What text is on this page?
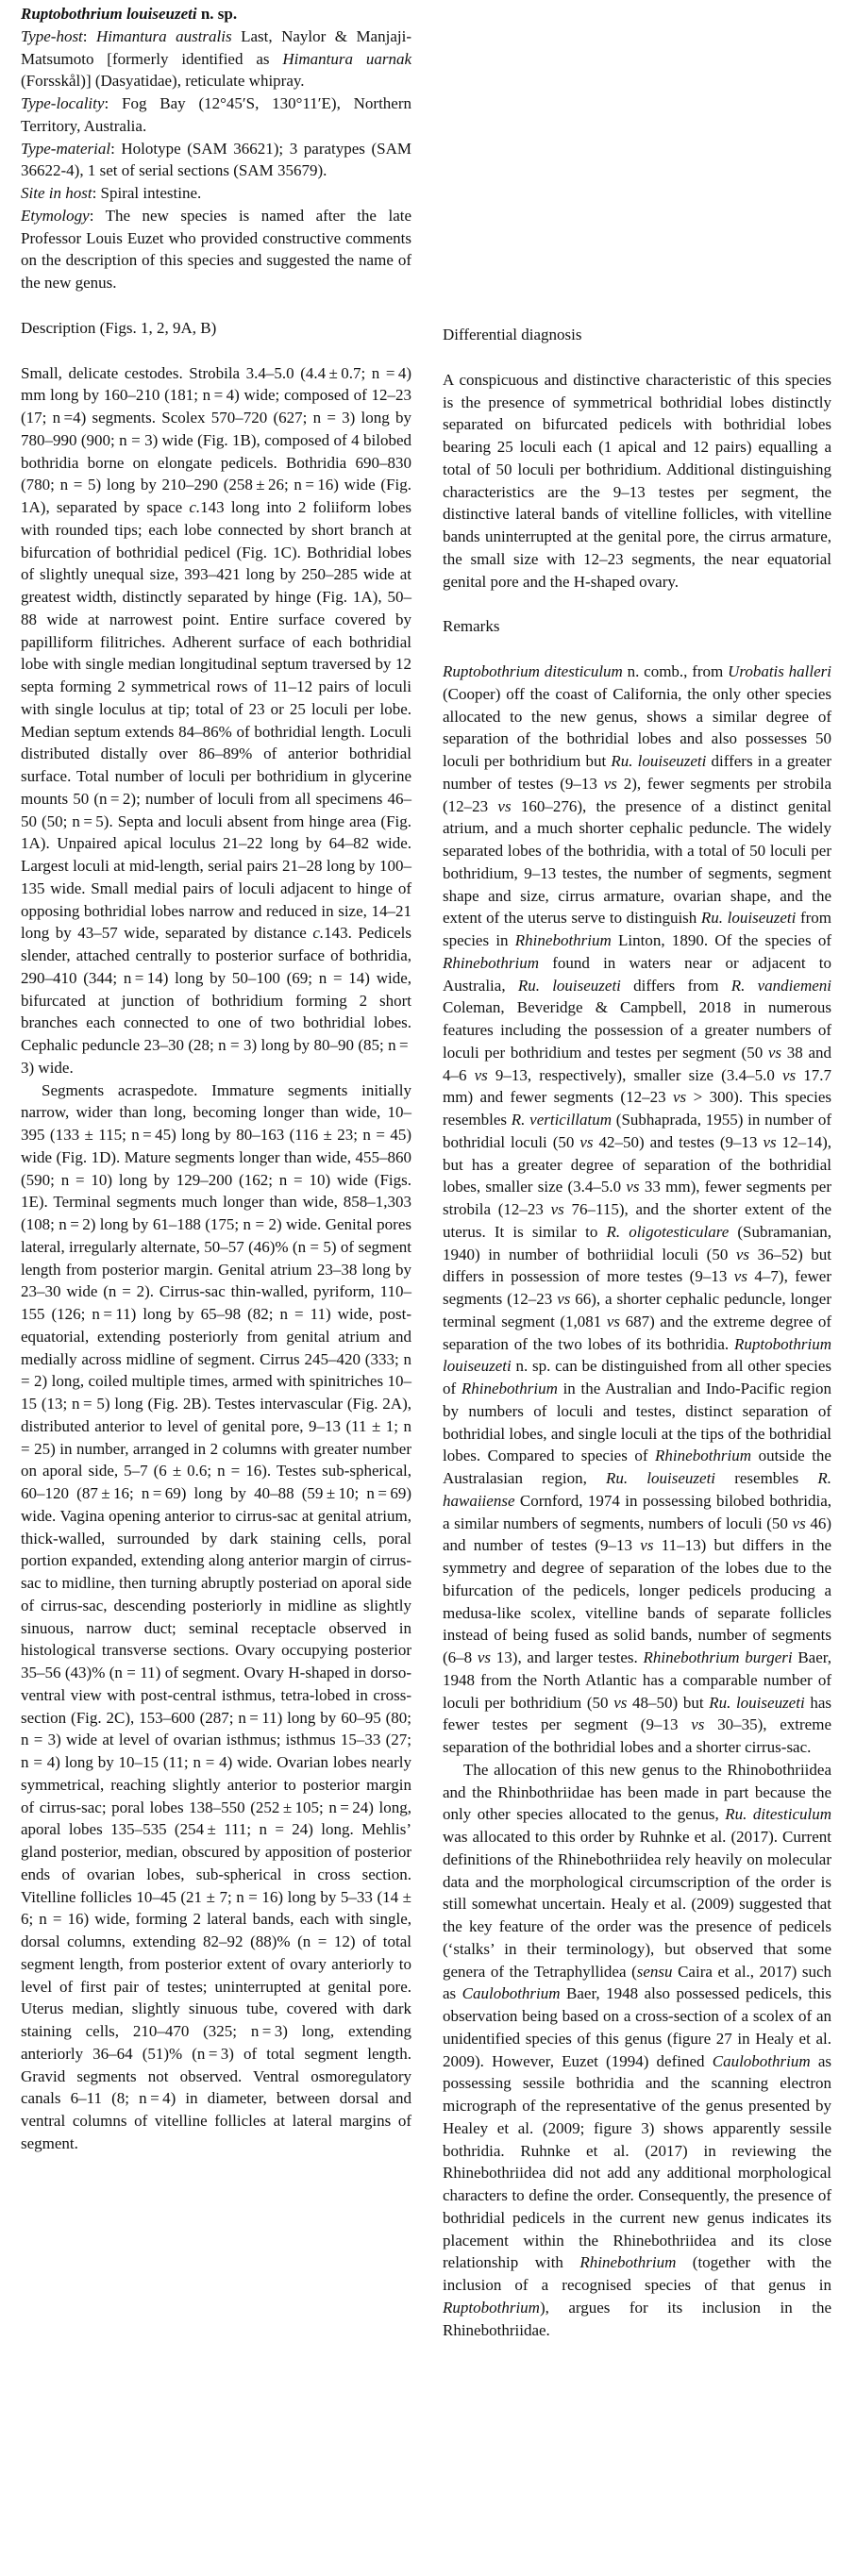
Ruptobothrium louiseuzeti n. sp.

Type-host: Himantura australis Last, Naylor & Manjaji-Matsumoto [formerly identified as Himantura uarnak (Forsskål)] (Dasyatidae), reticulate whipray.

Type-locality: Fog Bay (12°45′S, 130°11′E), Northern Territory, Australia.

Type-material: Holotype (SAM 36621); 3 paratypes (SAM 36622-4), 1 set of serial sections (SAM 35679).

Site in host: Spiral intestine.

Etymology: The new species is named after the late Professor Louis Euzet who provided constructive comments on the description of this species and suggested the name of the new genus.

Description (Figs. 1, 2, 9A, B)

Small, delicate cestodes. Strobila 3.4–5.0 (4.4 ± 0.7; n = 4) mm long by 160–210 (181; n = 4) wide; composed of 12–23 (17; n =4) segments. Scolex 570–720 (627; n = 3) long by 780–990 (900; n = 3) wide (Fig. 1B), composed of 4 bilobed bothridia borne on elongate pedicels. Bothridia 690–830 (780; n = 5) long by 210–290 (258 ± 26; n = 16) wide (Fig. 1A), separated by space c.143 long into 2 foliiform lobes with rounded tips; each lobe connected by short branch at bifurcation of bothridial pedicel (Fig. 1C). Bothridial lobes of slightly unequal size, 393–421 long by 250–285 wide at greatest width, distinctly separated by hinge (Fig. 1A), 50–88 wide at narrowest point. Entire surface covered by papilliform filitriches. Adherent surface of each bothridial lobe with single median longitudinal septum traversed by 12 septa forming 2 symmetrical rows of 11–12 pairs of loculi with single loculus at tip; total of 23 or 25 loculi per lobe. Median septum extends 84–86% of bothridial length. Loculi distributed distally over 86–89% of anterior bothridial surface. Total number of loculi per bothridium in glycerine mounts 50 (n = 2); number of loculi from all specimens 46–50 (50; n = 5). Septa and loculi absent from hinge area (Fig. 1A). Unpaired apical loculus 21–22 long by 64–82 wide. Largest loculi at mid-length, serial pairs 21–28 long by 100–135 wide. Small medial pairs of loculi adjacent to hinge of opposing bothridial lobes narrow and reduced in size, 14–21 long by 43–57 wide, separated by distance c.143. Pedicels slender, attached centrally to posterior surface of bothridia, 290–410 (344; n = 14) long by 50–100 (69; n = 14) wide, bifurcated at junction of bothridium forming 2 short branches each connected to one of two bothridial lobes. Cephalic peduncle 23–30 (28; n = 3) long by 80–90 (85; n = 3) wide.

Segments acraspedote. Immature segments initially narrow, wider than long, becoming longer than wide, 10–395 (133 ± 115; n = 45) long by 80–163 (116 ± 23; n = 45) wide (Fig. 1D). Mature segments longer than wide, 455–860 (590; n = 10) long by 129–200 (162; n = 10) wide (Figs. 1E). Terminal segments much longer than wide, 858–1,303 (108; n = 2) long by 61–188 (175; n = 2) wide. Genital pores lateral, irregularly alternate, 50–57 (46)% (n = 5) of segment length from posterior margin. Genital atrium 23–38 long by 23–30 wide (n = 2). Cirrus-sac thin-walled, pyriform, 110–155 (126; n = 11) long by 65–98 (82; n = 11) wide, post-equatorial, extending posteriorly from genital atrium and medially across midline of segment. Cirrus 245–420 (333; n = 2) long, coiled multiple times, armed with spinitriches 10–15 (13; n = 5) long (Fig. 2B). Testes intervascular (Fig. 2A), distributed anterior to level of genital pore, 9–13 (11 ± 1; n = 25) in number, arranged in 2 columns with greater number on aporal side, 5–7 (6 ± 0.6; n = 16). Testes sub-spherical, 60–120 (87 ± 16; n = 69) long by 40–88 (59 ± 10; n = 69) wide. Vagina opening anterior to cirrus-sac at genital atrium, thick-walled, surrounded by dark staining cells, poral portion expanded, extending along anterior margin of cirrus-sac to midline, then turning abruptly posteriad on aporal side of cirrus-sac, descending posteriorly in midline as slightly sinuous, narrow duct; seminal receptacle observed in histological transverse sections. Ovary occupying posterior 35–56 (43)% (n = 11) of segment. Ovary H-shaped in dorso-ventral view with post-central isthmus, tetra-lobed in cross-section (Fig. 2C), 153–600 (287; n = 11) long by 60–95 (80; n = 3) wide at level of ovarian isthmus; isthmus 15–33 (27; n = 4) long by 10–15 (11; n = 4) wide. Ovarian lobes nearly symmetrical, reaching slightly anterior to posterior margin of cirrus-sac; poral lobes 138–550 (252 ± 105; n = 24) long, aporal lobes 135–535 (254 ± 111; n = 24) long. Mehlis’ gland posterior, median, obscured by apposition of posterior ends of ovarian lobes, sub-spherical in cross section. Vitelline follicles 10–45 (21 ± 7; n = 16) long by 5–33 (14 ± 6; n = 16) wide, forming 2 lateral bands, each with single, dorsal columns, extending 82–92 (88)% (n = 12) of total segment length, from posterior extent of ovary anteriorly to level of first pair of testes; uninterrupted at genital pore. Uterus median, slightly sinuous tube, covered with dark staining cells, 210–470 (325; n = 3) long, extending anteriorly 36–64 (51)% (n = 3) of total segment length. Gravid segments not observed. Ventral osmoregulatory canals 6–11 (8; n = 4) in diameter, between dorsal and ventral columns of vitelline follicles at lateral margins of segment.

Differential diagnosis

A conspicuous and distinctive characteristic of this species is the presence of symmetrical bothridial lobes distinctly separated on bifurcated pedicels with bothridial lobes bearing 25 loculi each (1 apical and 12 pairs) equalling a total of 50 loculi per bothridium. Additional distinguishing characteristics are the 9–13 testes per segment, the distinctive lateral bands of vitelline follicles, with vitelline bands uninterrupted at the genital pore, the cirrus armature, the small size with 12–23 segments, the near equatorial genital pore and the H-shaped ovary.

Remarks

Ruptobothrium ditesticulum n. comb., from Urobatis halleri (Cooper) off the coast of California, the only other species allocated to the new genus, shows a similar degree of separation of the bothridial lobes and also possesses 50 loculi per bothridium but Ru. louiseuzeti differs in a greater number of testes (9–13 vs 2), fewer segments per strobila (12–23 vs 160–276), the presence of a distinct genital atrium, and a much shorter cephalic peduncle. The widely separated lobes of the bothridia, with a total of 50 loculi per bothridium, 9–13 testes, the number of segments, segment shape and size, cirrus armature, ovarian shape, and the extent of the uterus serve to distinguish Ru. louiseuzeti from species in Rhinebothrium Linton, 1890. Of the species of Rhinebothrium found in waters near or adjacent to Australia, Ru. louiseuzeti differs from R. vandiemeni Coleman, Beveridge & Campbell, 2018 in numerous features including the possession of a greater numbers of loculi per bothridium and testes per segment (50 vs 38 and 4–6 vs 9–13, respectively), smaller size (3.4–5.0 vs 17.7 mm) and fewer segments (12–23 vs > 300). This species resembles R. verticillatum (Subhaprada, 1955) in number of bothridial loculi (50 vs 42–50) and testes (9–13 vs 12–14), but has a greater degree of separation of the bothridial lobes, smaller size (3.4–5.0 vs 33 mm), fewer segments per strobila (12–23 vs 76–115), and the shorter extent of the uterus. It is similar to R. oligotesticulare (Subramanian, 1940) in number of bothriidial loculi (50 vs 36–52) but differs in possession of more testes (9–13 vs 4–7), fewer segments (12–23 vs 66), a shorter cephalic peduncle, longer terminal segment (1,081 vs 687) and the extreme degree of separation of the two lobes of its bothridia. Ruptobothrium louiseuzeti n. sp. can be distinguished from all other species of Rhinebothrium in the Australian and Indo-Pacific region by numbers of loculi and testes, distinct separation of bothridial lobes, and single loculi at the tips of the bothridial lobes. Compared to species of Rhinebothrium outside the Australasian region, Ru. louiseuzeti resembles R. hawaiiense Cornford, 1974 in possessing bilobed bothridia, a similar numbers of segments, numbers of loculi (50 vs 46) and number of testes (9–13 vs 11–13) but differs in the symmetry and degree of separation of the lobes due to the bifurcation of the pedicels, longer pedicels producing a medusa-like scolex, vitelline bands of separate follicles instead of being fused as solid bands, number of segments (6–8 vs 13), and larger testes. Rhinebothrium burgeri Baer, 1948 from the North Atlantic has a comparable number of loculi per bothridium (50 vs 48–50) but Ru. louiseuzeti has fewer testes per segment (9–13 vs 30–35), extreme separation of the bothridial lobes and a shorter cirrus-sac.

The allocation of this new genus to the Rhinobothriidea and the Rhinbothriidae has been made in part because the only other species allocated to the genus, Ru. ditesticulum was allocated to this order by Ruhnke et al. (2017). Current definitions of the Rhinebothriidea rely heavily on molecular data and the morphological circumscription of the order is still somewhat uncertain. Healy et al. (2009) suggested that the key feature of the order was the presence of pedicels (‘stalks’ in their terminology), but observed that some genera of the Tetraphyllidea (sensu Caira et al., 2017) such as Caulobothrium Baer, 1948 also possessed pedicels, this observation being based on a cross-section of a scolex of an unidentified species of this genus (figure 27 in Healy et al. 2009). However, Euzet (1994) defined Caulobothrium as possessing sessile bothridia and the scanning electron micrograph of the representative of the genus presented by Healey et al. (2009; figure 3) shows apparently sessile bothridia. Ruhnke et al. (2017) in reviewing the Rhinebothriidea did not add any additional morphological characters to define the order. Consequently, the presence of bothridial pedicels in the current new genus indicates its placement within the Rhinebothriidea and its close relationship with Rhinebothrium (together with the inclusion of a recognised species of that genus in Ruptobothrium), argues for its inclusion in the Rhinebothriidae.
